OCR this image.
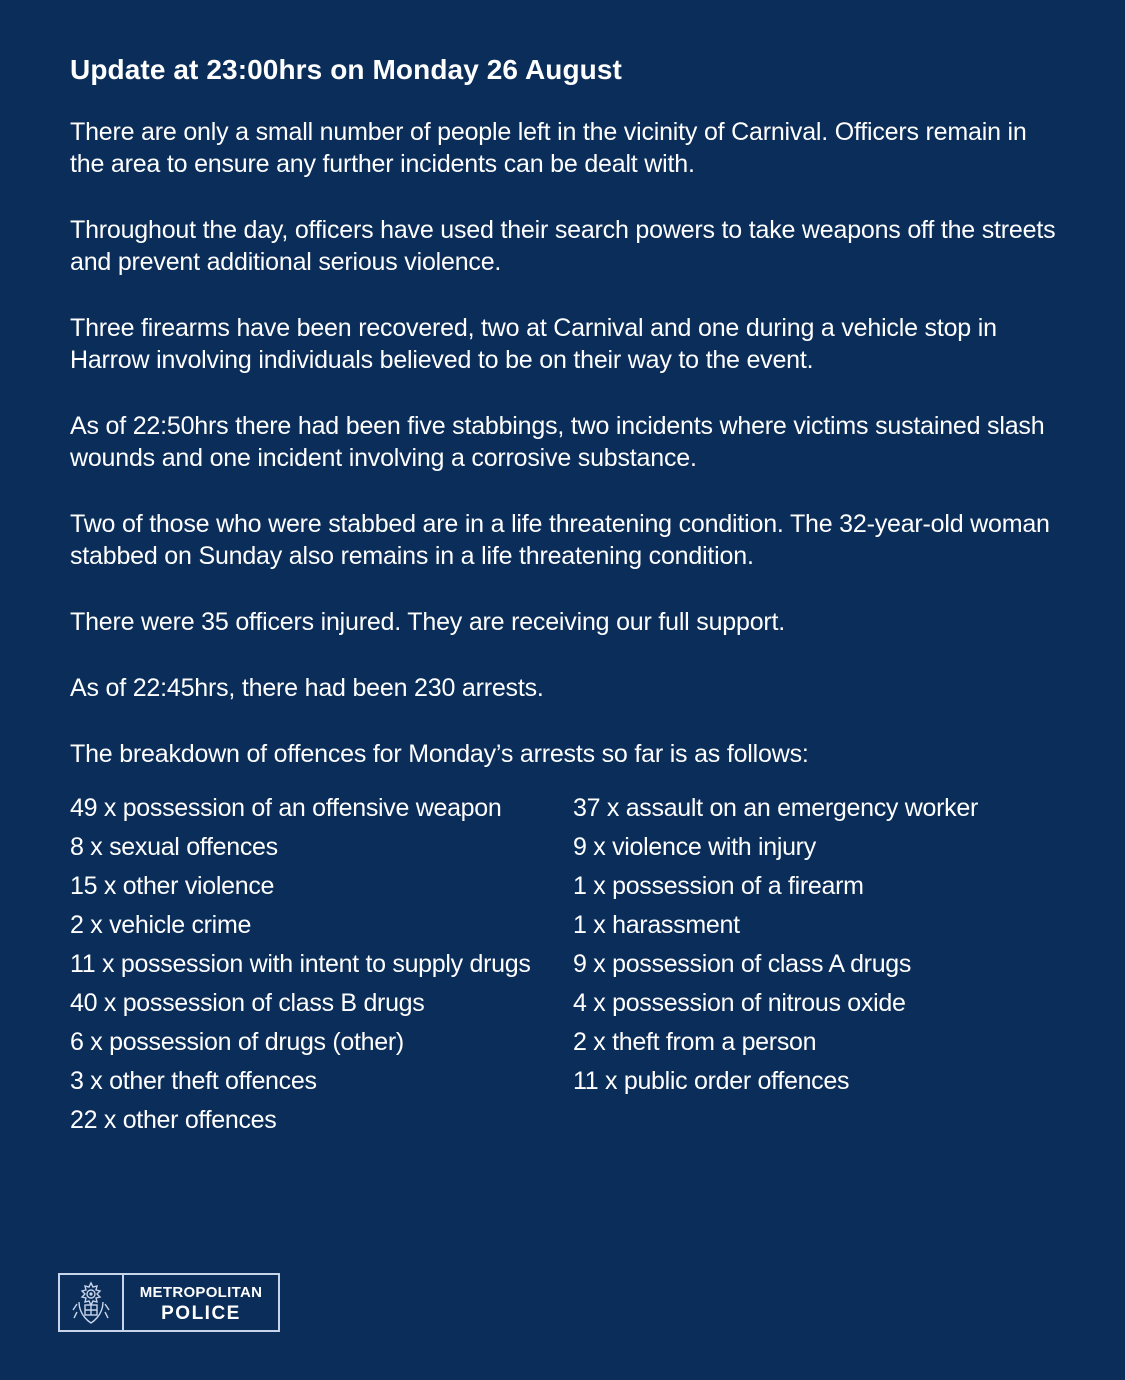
Update at 23:00hrs on Monday 26 August

There are only a small number of people left in the vicinity of Carnival. Officers remain in the area to ensure any further incidents can be dealt with.

Throughout the day, officers have used their search powers to take weapons off the streets and prevent additional serious violence.

Three firearms have been recovered, two at Carnival and one during a vehicle stop in Harrow involving individuals believed to be on their way to the event.

As of 22:50hrs there had been five stabbings, two incidents where victims sustained slash wounds and one incident involving a corrosive substance.

Two of those who were stabbed are in a life threatening condition. The 32-year-old woman stabbed on Sunday also remains in a life threatening condition.

There were 35 officers injured. They are receiving our full support.

As of 22:45hrs, there had been 230 arrests.

The breakdown of offences for Monday’s arrests so far is as follows:

49 x possession of an offensive weapon	37 x assault on an emergency worker
8 x sexual offences	9 x violence with injury
15 x other violence	1 x possession of a firearm
2 x vehicle crime	1 x harassment
11 x possession with intent to supply drugs	9 x possession of class A drugs
40 x possession of class B drugs	4 x possession of nitrous oxide
6 x possession of drugs (other)	2 x theft from a person
3 x other theft offences	11 x public order offences
22 x other offences
METROPOLITAN
POLICE
